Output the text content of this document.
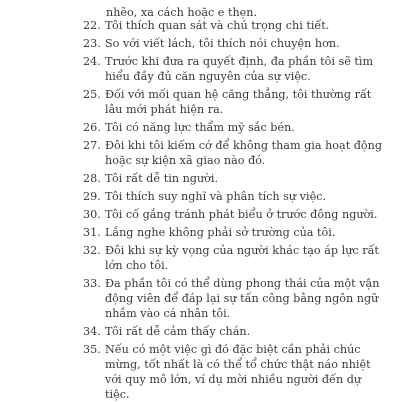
nhẽo, xa cách hoặc e thẹn.
22. Tôi thích quan sát và chú trọng chi tiết.
23. So với viết lách, tôi thích nói chuyện hơn.
24. Trước khi đưa ra quyết định, đa phần tôi sẽ tìm hiểu đầy đủ căn nguyên của sự việc.
25. Đối với mối quan hệ căng thẳng, tôi thường rất lâu mới phát hiện ra.
26. Tôi có năng lực thẩm mỹ sắc bén.
27. Đôi khi tôi kiếm cớ để không tham gia hoạt động hoặc sự kiện xã giao nào đó.
28. Tôi rất dễ tin người.
29. Tôi thích suy nghĩ và phân tích sự việc.
30. Tôi cố gắng tránh phát biểu ở trước đông người.
31. Lắng nghe không phải sở trường của tôi.
32. Đôi khi sự kỳ vọng của người khác tạo áp lực rất lớn cho tôi.
33. Đa phần tôi có thể dùng phong thái của một vận động viên để đáp lại sự tấn công bằng ngôn ngữ nhắm vào cá nhân tôi.
34. Tôi rất dễ cảm thấy chán.
35. Nếu có một việc gì đó đặc biệt cần phải chúc mừng, tốt nhất là có thể tổ chức thật náo nhiệt với quy mô lớn, ví dụ mời nhiều người đến dự tiệc.
